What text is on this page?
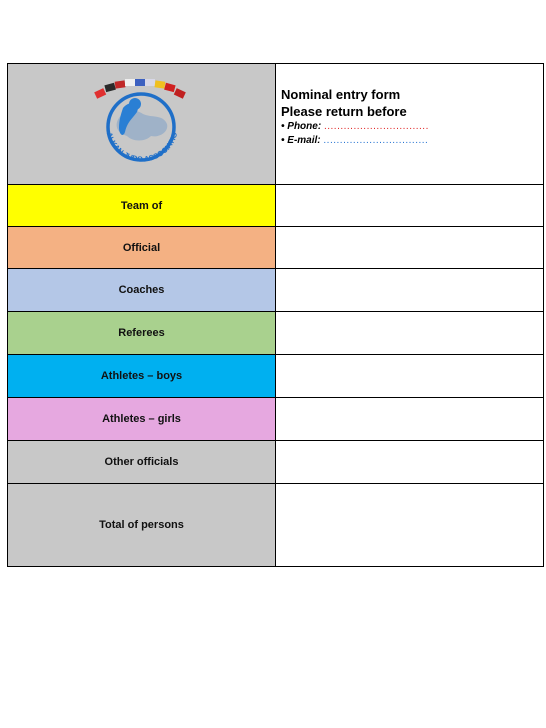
ALKAN JUDO ASSOCIATIO	Nominal entry form
Please return before
• Phone: ................................
• E-mail: ................................

Team of	
Official	
Coaches	
Referees	
Athletes – boys	
Athletes – girls	
Other officials	
Total of persons	
